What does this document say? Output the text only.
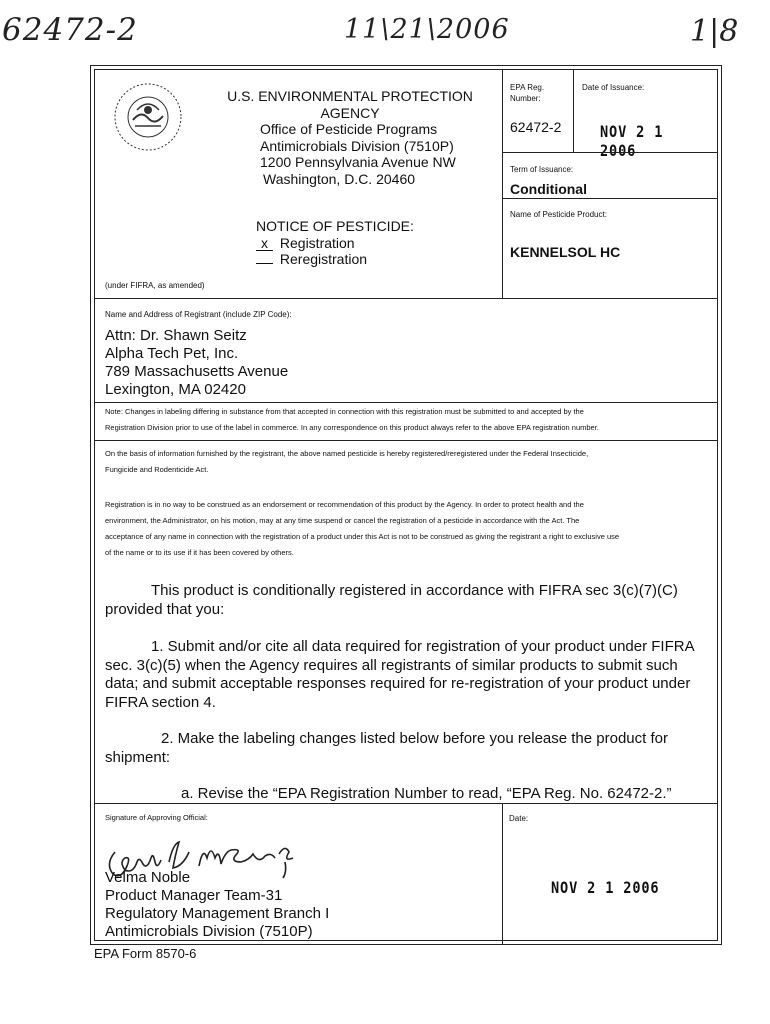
62472-2	11\21\2006	1|8
U.S. ENVIRONMENTAL PROTECTION
AGENCY
Office of Pesticide Programs
Antimicrobials Division (7510P)
1200 Pennsylvania Avenue NW
Washington, D.C. 20460
NOTICE OF PESTICIDE:
x Registration
Reregistration
(under FIFRA, as amended)
EPA Reg.
Number:
62472-2
Date of Issuance:
NOV 2 1 2006
Term of Issuance:
Conditional
Name of Pesticide Product:
KENNELSOL HC
Name and Address of Registrant (include ZIP Code):
Attn: Dr. Shawn Seitz
Alpha Tech Pet, Inc.
789 Massachusetts Avenue
Lexington, MA 02420
Note: Changes in labeling differing in substance from that accepted in connection with this registration must be submitted to and accepted by the
Registration Division prior to use of the label in commerce. In any correspondence on this product always refer to the above EPA registration number.
On the basis of information furnished by the registrant, the above named pesticide is hereby registered/reregistered under the Federal Insecticide,
Fungicide and Rodenticide Act.
Registration is in no way to be construed as an endorsement or recommendation of this product by the Agency. In order to protect health and the
environment, the Administrator, on his motion, may at any time suspend or cancel the registration of a pesticide in accordance with the Act. The
acceptance of any name in connection with the registration of a product under this Act is not to be construed as giving the registrant a right to exclusive use
of the name or to its use if it has been covered by others.
This product is conditionally registered in accordance with FIFRA sec 3(c)(7)(C)
provided that you:
1. Submit and/or cite all data required for registration of your product under FIFRA
sec. 3(c)(5) when the Agency requires all registrants of similar products to submit such
data; and submit acceptable responses required for re-registration of your product under
FIFRA section 4.
2. Make the labeling changes listed below before you release the product for
shipment:
a. Revise the “EPA Registration Number to read, “EPA Reg. No. 62472-2.”
Signature of Approving Official:
Velma Noble
Product Manager Team-31
Regulatory Management Branch I
Antimicrobials Division (7510P)
Date:
NOV 2 1 2006
EPA Form 8570-6
